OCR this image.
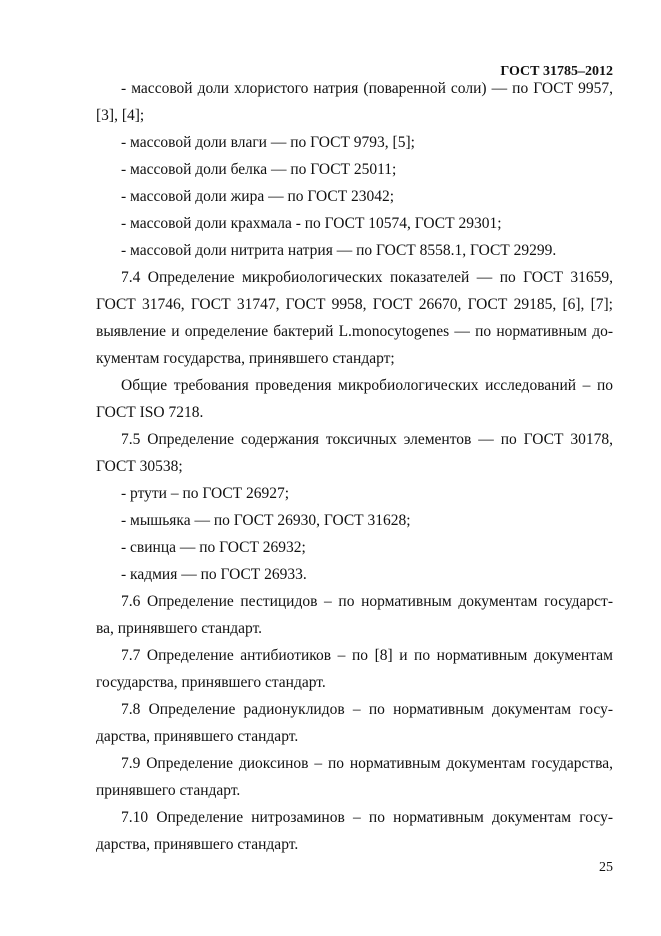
ГОСТ 31785–2012
- массовой доли хлористого натрия (поваренной соли) — по ГОСТ 9957,
[3], [4];
- массовой доли влаги — по ГОСТ 9793, [5];
- массовой доли белка — по ГОСТ 25011;
- массовой доли жира — по ГОСТ 23042;
- массовой доли крахмала - по ГОСТ 10574, ГОСТ 29301;
- массовой доли нитрита натрия — по ГОСТ 8558.1, ГОСТ 29299.
7.4 Определение микробиологических показателей — по ГОСТ 31659,
ГОСТ 31746, ГОСТ 31747, ГОСТ 9958, ГОСТ 26670, ГОСТ 29185, [6], [7];
выявление и определение бактерий L.monocytogenes — по нормативным до-
кументам государства, принявшего стандарт;
Общие требования проведения микробиологических исследований – по
ГОСТ ISO 7218.
7.5 Определение содержания токсичных элементов — по ГОСТ 30178,
ГОСТ 30538;
- ртути – по ГОСТ 26927;
- мышьяка — по ГОСТ 26930, ГОСТ 31628;
- свинца — по ГОСТ 26932;
- кадмия — по ГОСТ 26933.
7.6 Определение пестицидов – по нормативным документам государст-
ва, принявшего стандарт.
7.7 Определение антибиотиков – по [8] и по нормативным документам
государства, принявшего стандарт.
7.8 Определение радионуклидов – по нормативным документам госу-
дарства, принявшего стандарт.
7.9 Определение диоксинов – по нормативным документам государства,
принявшего стандарт.
7.10 Определение нитрозаминов – по нормативным документам госу-
дарства, принявшего стандарт.
25
